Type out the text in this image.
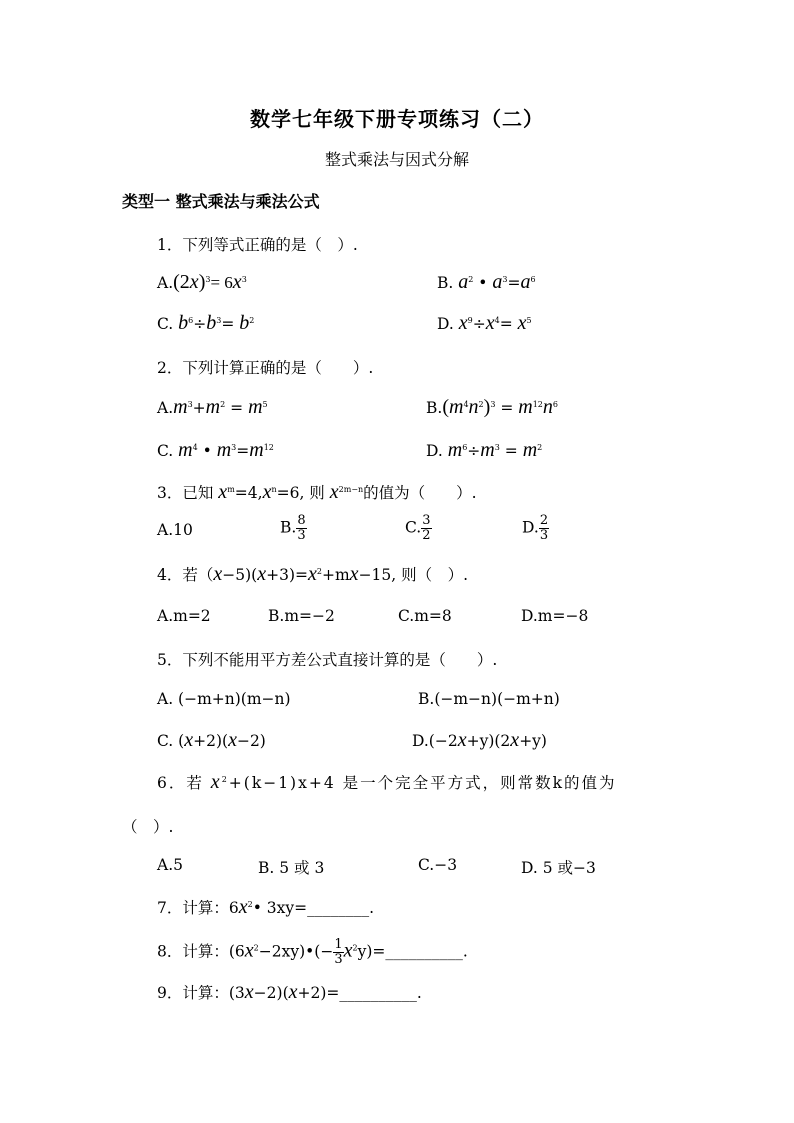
数学七年级下册专项练习（二）
整式乘法与因式分解
类型一 整式乘法与乘法公式
1．下列等式正确的是（　）.
$A.(2x)^3= 6x^3$	B. $a^2$ • $a^3=a^6$
C. $b^6\div b^3= b^2$	D. $x^9\div x^4= x^5$
2．下列计算正确的是（　　）.
$A.m^3+m^2 = m^5$	$B.(m^4n^2)^3 = m^{12}n^6$
C. $m^4$ • $m^3=m^{12}$	D. $m^6\div m^3 = m^2$
3．已知 $x^m=4,x^n=6$, 则 $x^{2m-n}$的值为（　　）.
A.10	B. $\frac{8}{3}$	C. $\frac{3}{2}$	D. $\frac{2}{3}$
4．若$(x-5)(x+3)=x^2+mx-15$, 则（　）.
A.m=2	B.m=−2	C.m=8	D.m=−8
5．下列不能用平方差公式直接计算的是（　　）.
A. (−m+n)(m−n)	B.(−m−n)(−m+n)
C. (x+2)(x−2)	D.(−2x+y)(2x+y)
6．若 $x^2+(k-1)x+4$ 是一个完全平方式，则常数k的值为
（　）.
A.5	B. 5 或 3	C.−3	D. 5 或−3
7．计算：$6x^2•$ 3xy=________.
8．计算：$(6x^2-2xy)•(- \frac{1}{3}$ $x^2y)=\_\_\_\_\_\_\_\_\_\_$.
9．计算：(3x−2)(x+2)=__________.
